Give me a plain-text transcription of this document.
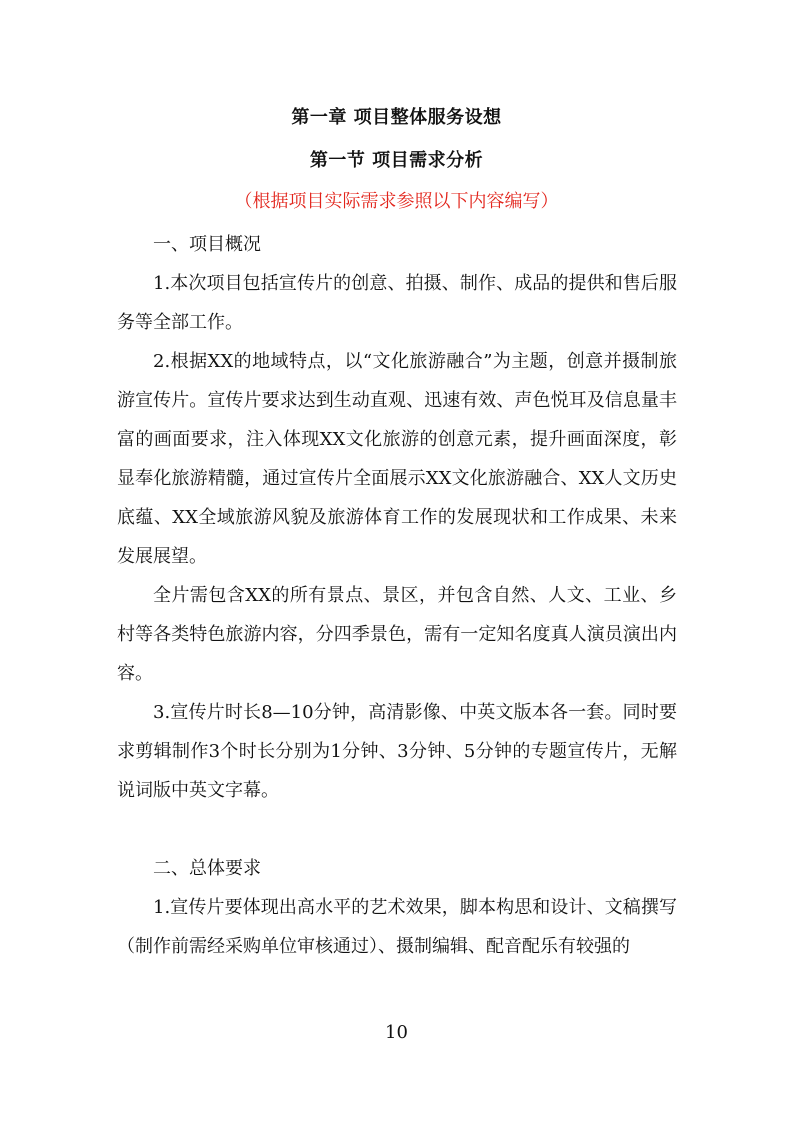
第一章 项目整体服务设想
第一节 项目需求分析
（根据项目实际需求参照以下内容编写）

一、项目概况

1.本次项目包括宣传片的创意、拍摄、制作、成品的提供和售后服务等全部工作。

2.根据XX的地域特点，以“文化旅游融合”为主题，创意并摄制旅游宣传片。宣传片要求达到生动直观、迅速有效、声色悦耳及信息量丰富的画面要求，注入体现XX文化旅游的创意元素，提升画面深度，彰显奉化旅游精髓，通过宣传片全面展示XX文化旅游融合、XX人文历史底蕴、XX全域旅游风貌及旅游体育工作的发展现状和工作成果、未来发展展望。

全片需包含XX的所有景点、景区，并包含自然、人文、工业、乡村等各类特色旅游内容，分四季景色，需有一定知名度真人演员演出内容。

3.宣传片时长8—10分钟，高清影像、中英文版本各一套。同时要求剪辑制作3个时长分别为1分钟、3分钟、5分钟的专题宣传片，无解说词版中英文字幕。

二、总体要求

1.宣传片要体现出高水平的艺术效果，脚本构思和设计、文稿撰写（制作前需经采购单位审核通过）、摄制编辑、配音配乐有较强的

10
